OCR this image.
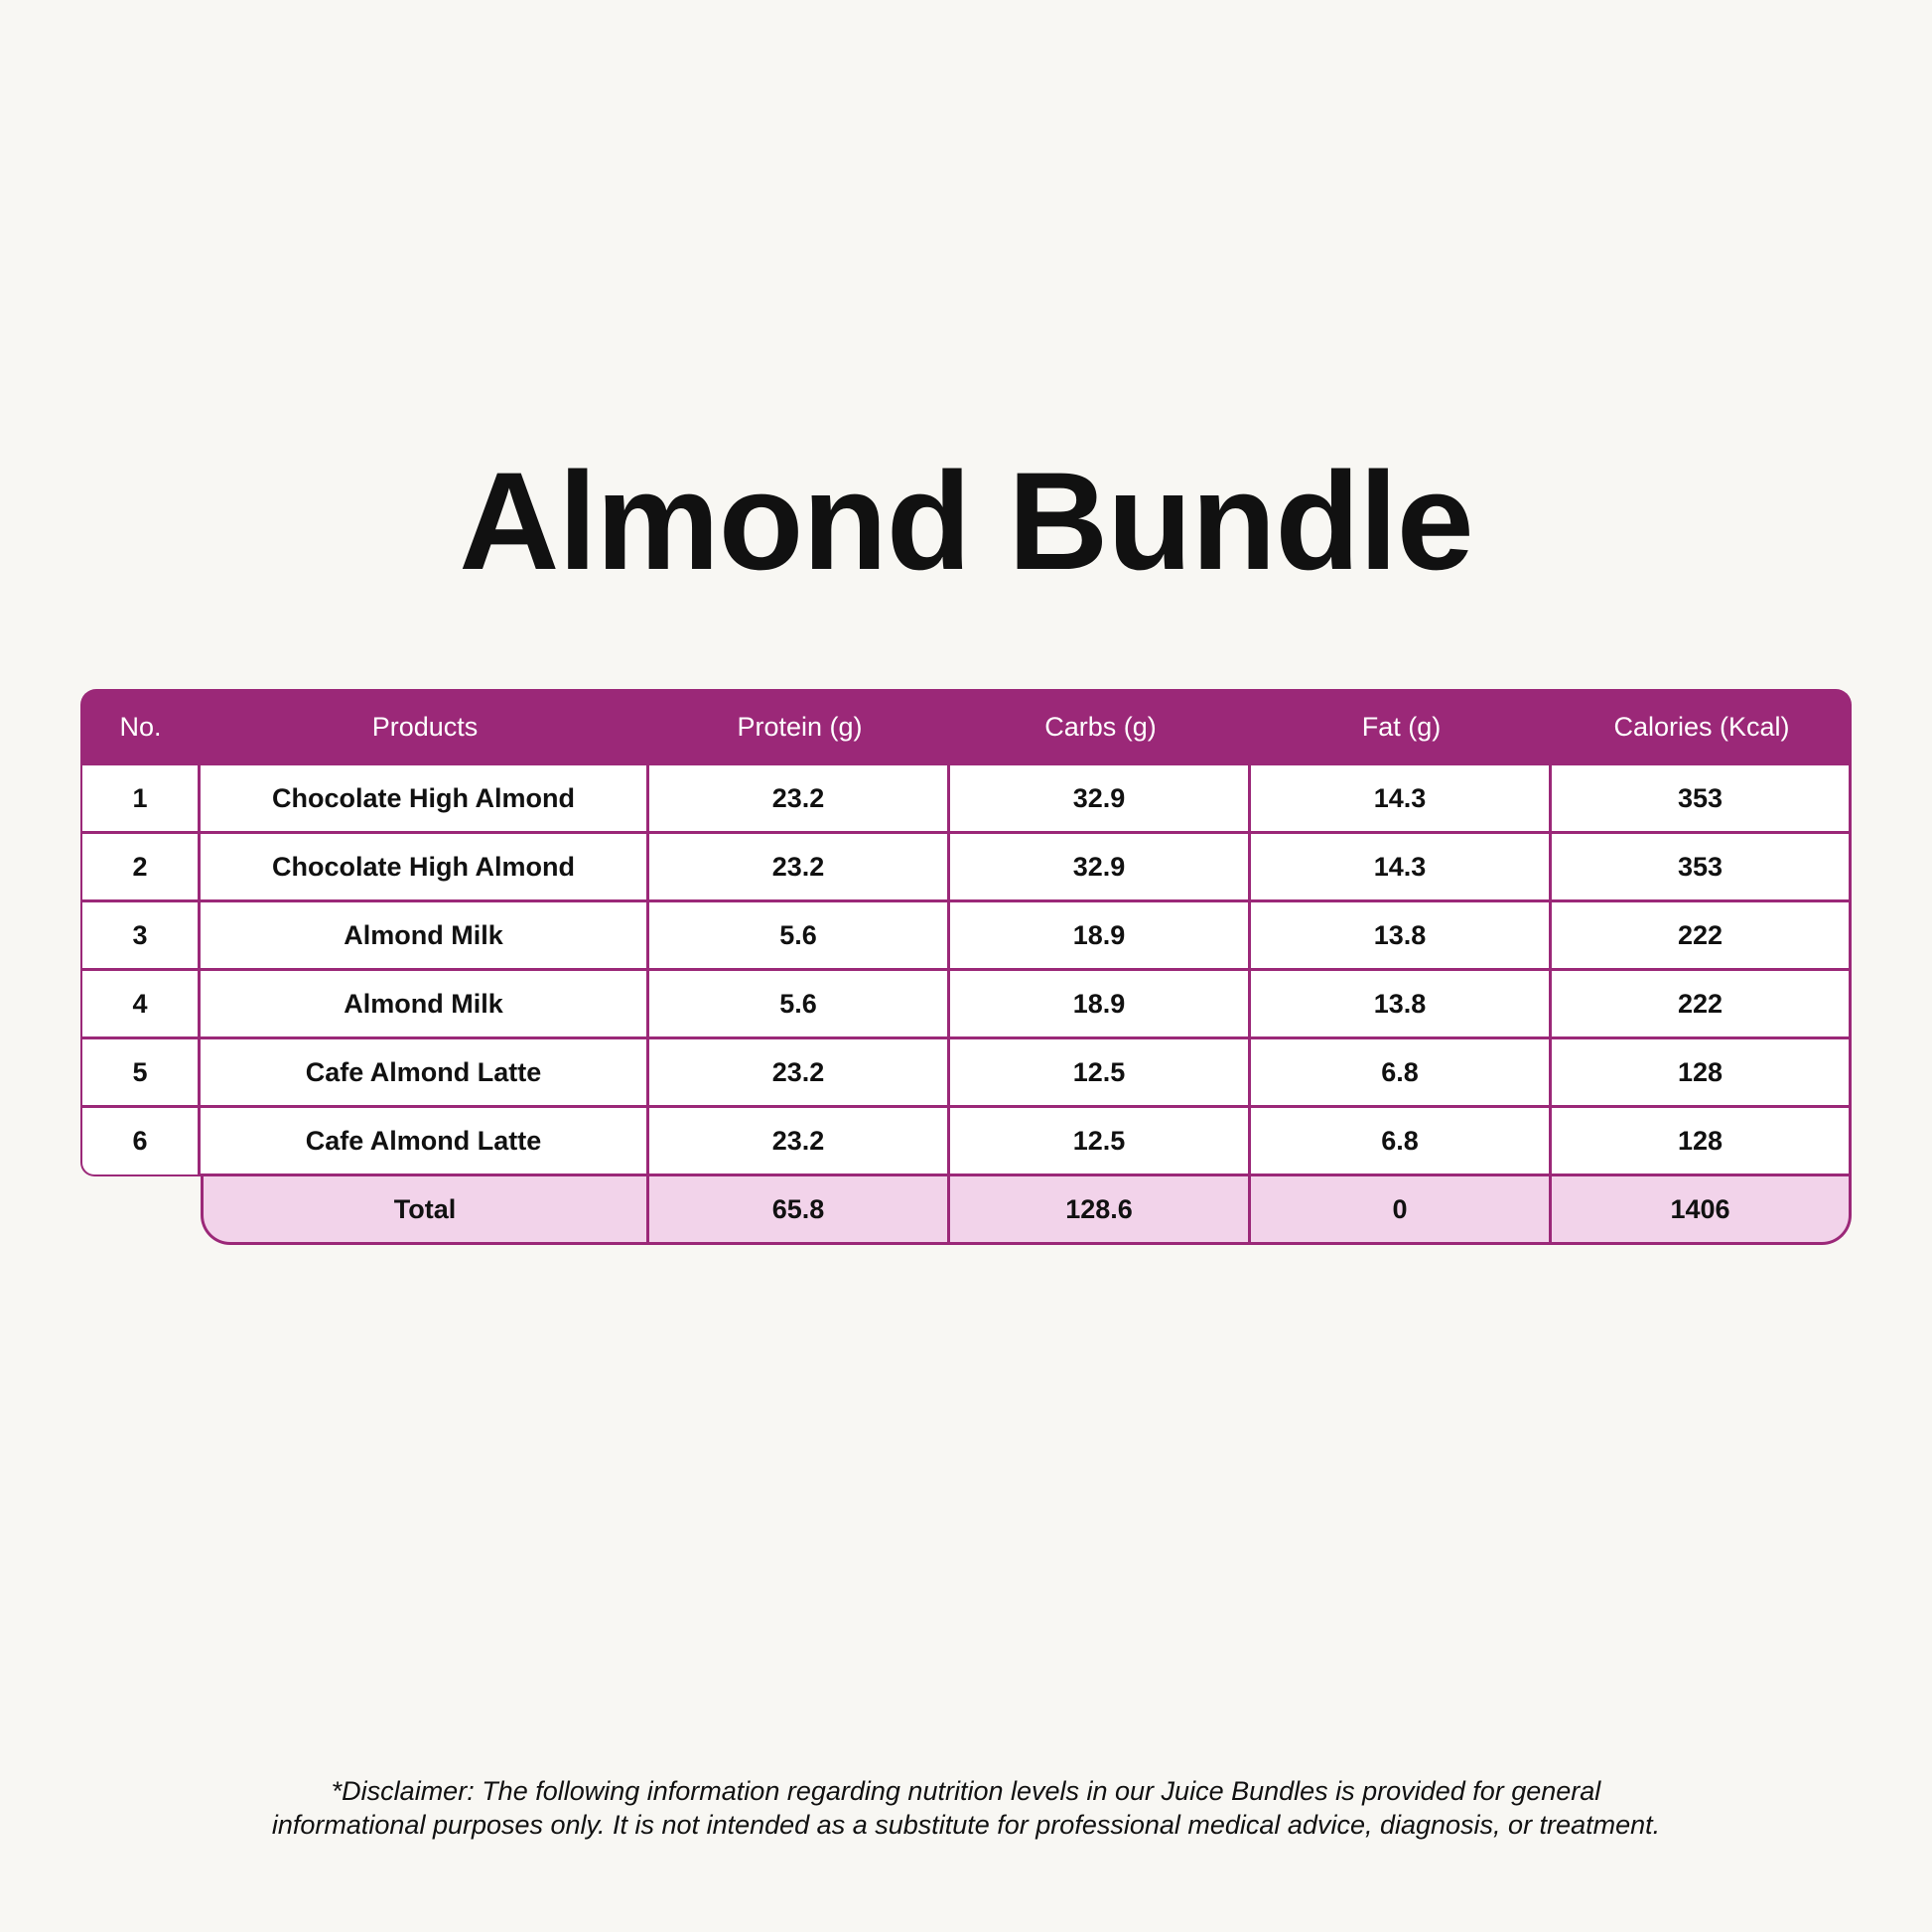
Almond Bundle
No.	Products	Protein (g)	Carbs (g)	Fat (g)	Calories (Kcal)
1	Chocolate High Almond	23.2	32.9	14.3	353
2	Chocolate High Almond	23.2	32.9	14.3	353
3	Almond Milk	5.6	18.9	13.8	222
4	Almond Milk	5.6	18.9	13.8	222
5	Cafe Almond Latte	23.2	12.5	6.8	128
6	Cafe Almond Latte	23.2	12.5	6.8	128
	Total	65.8	128.6	0	1406

*Disclaimer: The following information regarding nutrition levels in our Juice Bundles is provided for general

informational purposes only. It is not intended as a substitute for professional medical advice, diagnosis, or treatment.
